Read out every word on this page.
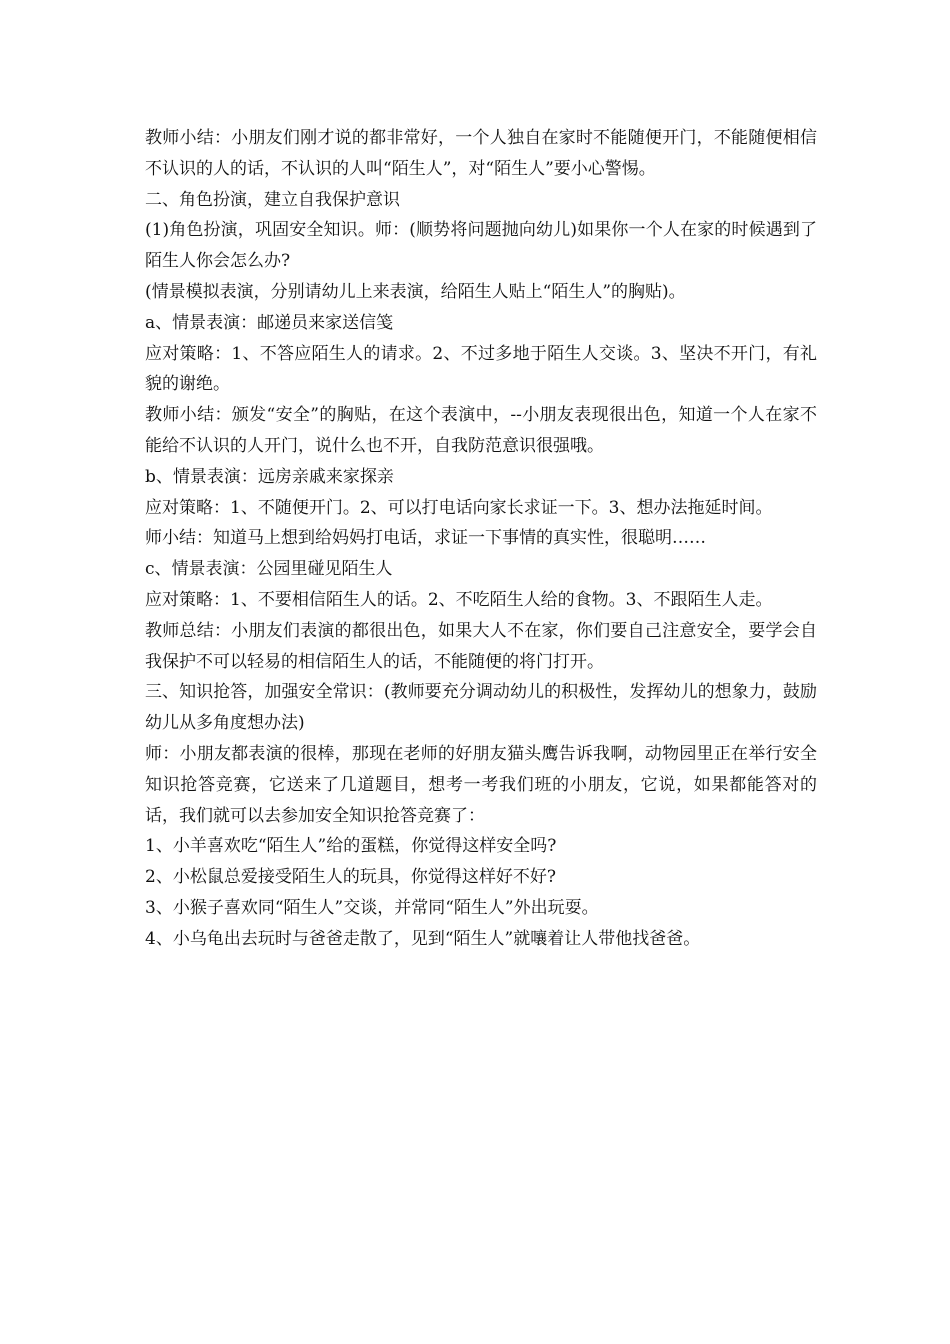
教师小结：小朋友们刚才说的都非常好，一个人独自在家时不能随便开门，不能随便相信不认识的人的话，不认识的人叫“陌生人”，对“陌生人”要小心警惕。

二、角色扮演，建立自我保护意识

(1)角色扮演，巩固安全知识。师：(顺势将问题抛向幼儿)如果你一个人在家的时候遇到了陌生人你会怎么办?

(情景模拟表演，分别请幼儿上来表演，给陌生人贴上“陌生人”的胸贴)。

a、情景表演：邮递员来家送信笺

应对策略：1、不答应陌生人的请求。2、不过多地于陌生人交谈。3、坚决不开门，有礼貌的谢绝。

教师小结：颁发“安全”的胸贴，在这个表演中，--小朋友表现很出色，知道一个人在家不能给不认识的人开门，说什么也不开，自我防范意识很强哦。

b、情景表演：远房亲戚来家探亲

应对策略：1、不随便开门。2、可以打电话向家长求证一下。3、想办法拖延时间。

师小结：知道马上想到给妈妈打电话，求证一下事情的真实性，很聪明……

c、情景表演：公园里碰见陌生人

应对策略：1、不要相信陌生人的话。2、不吃陌生人给的食物。3、不跟陌生人走。

教师总结：小朋友们表演的都很出色，如果大人不在家，你们要自己注意安全，要学会自我保护不可以轻易的相信陌生人的话，不能随便的将门打开。

三、知识抢答，加强安全常识：(教师要充分调动幼儿的积极性，发挥幼儿的想象力，鼓励幼儿从多角度想办法)

师：小朋友都表演的很棒，那现在老师的好朋友猫头鹰告诉我啊，动物园里正在举行安全知识抢答竞赛，它送来了几道题目，想考一考我们班的小朋友，它说，如果都能答对的话，我们就可以去参加安全知识抢答竞赛了：

1、小羊喜欢吃“陌生人”给的蛋糕，你觉得这样安全吗?

2、小松鼠总爱接受陌生人的玩具，你觉得这样好不好?

3、小猴子喜欢同“陌生人”交谈，并常同“陌生人”外出玩耍。

4、小乌龟出去玩时与爸爸走散了，见到“陌生人”就嚷着让人带他找爸爸。
